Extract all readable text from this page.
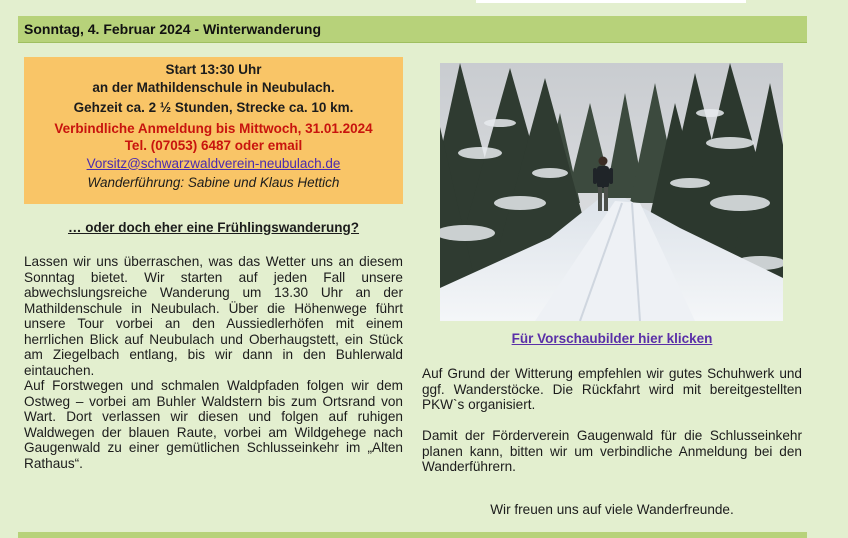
Sonntag, 4. Februar 2024 - Winterwanderung
Start 13:30 Uhr
an der Mathildenschule in Neubulach.
Gehzeit ca. 2 ½ Stunden, Strecke ca. 10 km.
Verbindliche Anmeldung bis Mittwoch, 31.01.2024
Tel. (07053) 6487 oder email
Vorsitz@schwarzwaldverein-neubulach.de
Wanderführung: Sabine und Klaus Hettich
… oder doch eher eine Frühlingswanderung?

Lassen wir uns überraschen, was das Wetter uns an diesem Sonntag bietet. Wir starten auf jeden Fall unsere abwechslungsreiche Wanderung um 13.30 Uhr an der Mathildenschule in Neubulach. Über die Höhenwege führt unsere Tour vorbei an den Aussiedlerhöfen mit einem herrlichen Blick auf Neubulach und Oberhaugstett, ein Stück am Ziegelbach entlang, bis wir dann in den Buhlerwald eintauchen.

Auf Forstwegen und schmalen Waldpfaden folgen wir dem Ostweg – vorbei am Buhler Waldstern bis zum Ortsrand von Wart. Dort verlassen wir diesen und folgen auf ruhigen Waldwegen der blauen Raute, vorbei am Wildgehege nach Gaugenwald zu einer gemütlichen Schlusseinkehr im „Alten Rathaus“.

Für Vorschaubilder hier klicken

Auf Grund der Witterung empfehlen wir gutes Schuhwerk und ggf. Wanderstöcke. Die Rückfahrt wird mit bereitgestellten PKW`s organisiert.

Damit der Förderverein Gaugenwald für die Schlusseinkehr planen kann, bitten wir um verbindliche Anmeldung bei den Wanderführern.

Wir freuen uns auf viele Wanderfreunde.
